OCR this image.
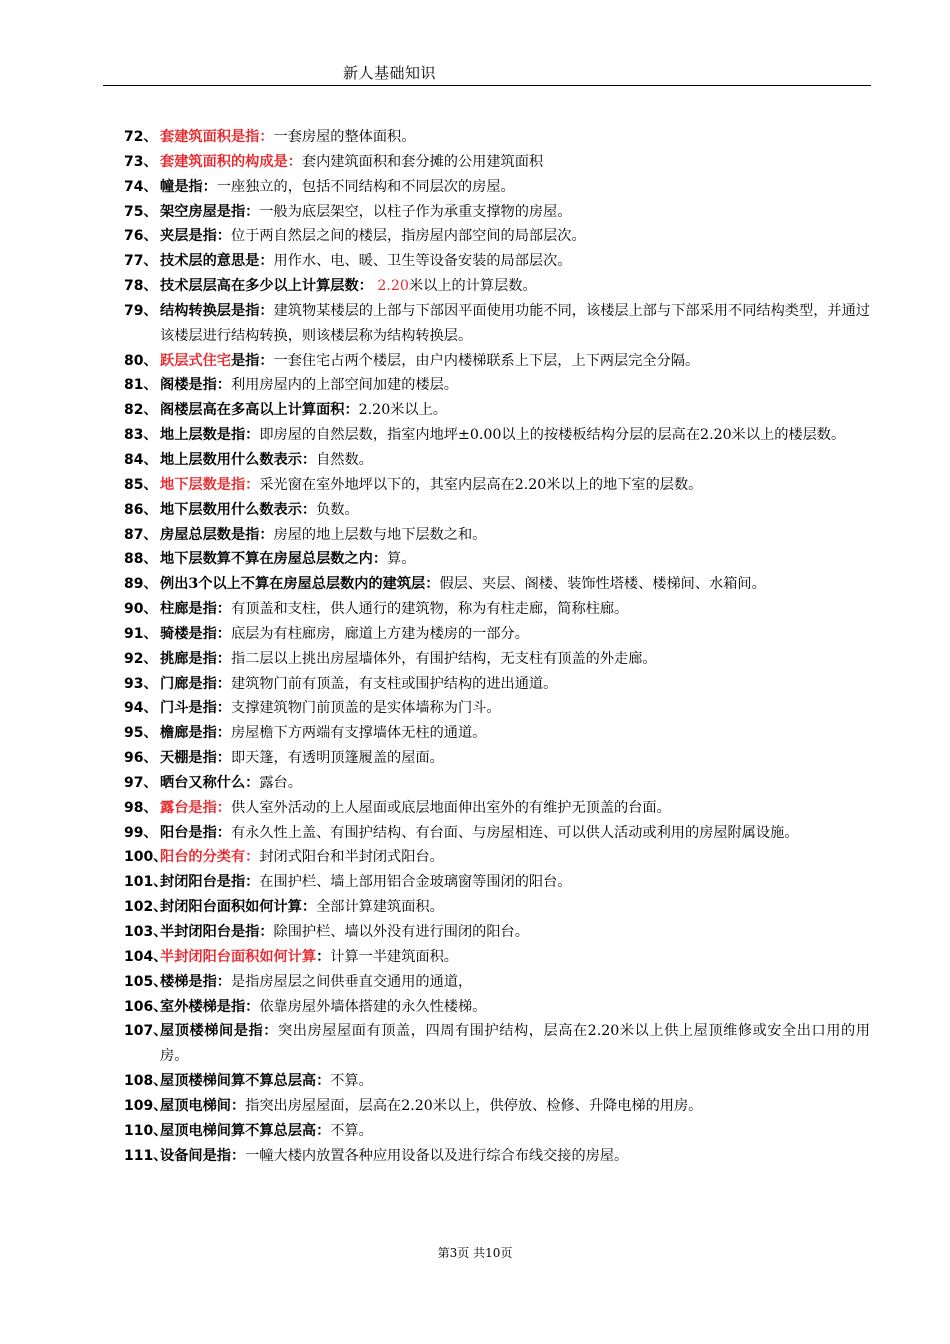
新人基础知识
72、 套建筑面积是指：一套房屋的整体面积。
73、 套建筑面积的构成是：套内建筑面积和套分摊的公用建筑面积
74、 幢是指：一座独立的，包括不同结构和不同层次的房屋。
75、 架空房屋是指：一般为底层架空，以柱子作为承重支撑物的房屋。
76、 夹层是指：位于两自然层之间的楼层，指房屋内部空间的局部层次。
77、 技术层的意思是：用作水、电、暖、卫生等设备安装的局部层次。
78、 技术层层高在多少以上计算层数： 2.20米以上的计算层数。
79、 结构转换层是指：建筑物某楼层的上部与下部因平面使用功能不同，该楼层上部与下部采用不同结构类型，并通过该楼层进行结构转换，则该楼层称为结构转换层。
80、 跃层式住宅是指：一套住宅占两个楼层，由户内楼梯联系上下层，上下两层完全分隔。
81、 阁楼是指：利用房屋内的上部空间加建的楼层。
82、 阁楼层高在多高以上计算面积：2.20米以上。
83、 地上层数是指：即房屋的自然层数，指室内地坪±0.00以上的按楼板结构分层的层高在2.20米以上的楼层数。
84、 地上层数用什么数表示：自然数。
85、 地下层数是指：采光窗在室外地坪以下的，其室内层高在2.20米以上的地下室的层数。
86、 地下层数用什么数表示：负数。
87、 房屋总层数是指：房屋的地上层数与地下层数之和。
88、 地下层数算不算在房屋总层数之内：算。
89、 例出3个以上不算在房屋总层数内的建筑层：假层、夹层、阁楼、装饰性塔楼、楼梯间、水箱间。
90、 柱廊是指：有顶盖和支柱，供人通行的建筑物，称为有柱走廊，简称柱廊。
91、 骑楼是指：底层为有柱廊房，廊道上方建为楼房的一部分。
92、 挑廊是指：指二层以上挑出房屋墙体外，有围护结构，无支柱有顶盖的外走廊。
93、 门廊是指：建筑物门前有顶盖，有支柱或围护结构的进出通道。
94、 门斗是指：支撑建筑物门前顶盖的是实体墙称为门斗。
95、 檐廊是指：房屋檐下方两端有支撑墙体无柱的通道。
96、 天棚是指：即天篷，有透明顶篷履盖的屋面。
97、 晒台又称什么：露台。
98、 露台是指：供人室外活动的上人屋面或底层地面伸出室外的有维护无顶盖的台面。
99、 阳台是指：有永久性上盖、有围护结构、有台面、与房屋相连、可以供人活动或利用的房屋附属设施。
100、
阳台的分类有：封闭式阳台和半封闭式阳台。
101、
封闭阳台是指：在围护栏、墙上部用铝合金玻璃窗等围闭的阳台。
102、
封闭阳台面积如何计算：全部计算建筑面积。
103、
半封闭阳台是指：除围护栏、墙以外没有进行围闭的阳台。
104、
半封闭阳台面积如何计算：计算一半建筑面积。
105、
楼梯是指：是指房屋层之间供垂直交通用的通道，
106、
室外楼梯是指：依靠房屋外墙体搭建的永久性楼梯。
107、
屋顶楼梯间是指：突出房屋屋面有顶盖，四周有围护结构，层高在2.20米以上供上屋顶维修或安全出口用的用房。
108、
屋顶楼梯间算不算总层高：不算。
109、
屋顶电梯间：指突出房屋屋面，层高在2.20米以上，供停放、检修、升降电梯的用房。
110、
屋顶电梯间算不算总层高：不算。
111、
设备间是指：一幢大楼内放置各种应用设备以及进行综合布线交接的房屋。
第3页 共10页
